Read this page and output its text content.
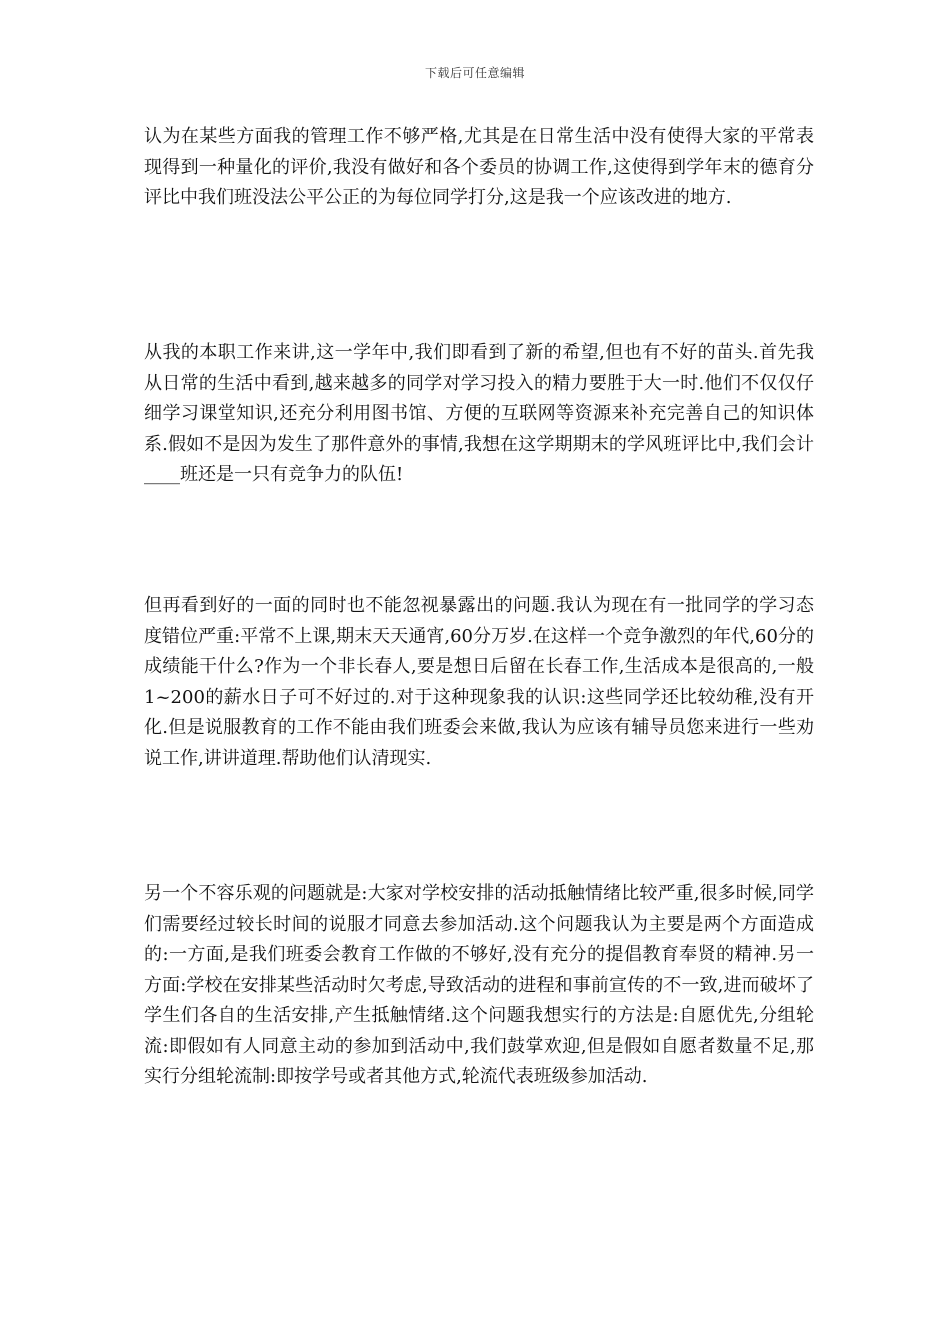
下载后可任意编辑

认为在某些方面我的管理工作不够严格,尤其是在日常生活中没有使得大家的平常表现得到一种量化的评价,我没有做好和各个委员的协调工作,这使得到学年末的德育分评比中我们班没法公平公正的为每位同学打分,这是我一个应该改进的地方.

从我的本职工作来讲,这一学年中,我们即看到了新的希望,但也有不好的苗头.首先我从日常的生活中看到,越来越多的同学对学习投入的精力要胜于大一时.他们不仅仅仔细学习课堂知识,还充分利用图书馆、方便的互联网等资源来补充完善自己的知识体系.假如不是因为发生了那件意外的事情,我想在这学期期末的学风班评比中,我们会计____班还是一只有竞争力的队伍!

但再看到好的一面的同时也不能忽视暴露出的问题.我认为现在有一批同学的学习态度错位严重:平常不上课,期末天天通宵,60分万岁.在这样一个竞争激烈的年代,60分的成绩能干什么?作为一个非长春人,要是想日后留在长春工作,生活成本是很高的,一般1~200的薪水日子可不好过的.对于这种现象我的认识:这些同学还比较幼稚,没有开化.但是说服教育的工作不能由我们班委会来做,我认为应该有辅导员您来进行一些劝说工作,讲讲道理.帮助他们认清现实.

另一个不容乐观的问题就是:大家对学校安排的活动抵触情绪比较严重,很多时候,同学们需要经过较长时间的说服才同意去参加活动.这个问题我认为主要是两个方面造成的:一方面,是我们班委会教育工作做的不够好,没有充分的提倡教育奉贤的精神.另一方面:学校在安排某些活动时欠考虑,导致活动的进程和事前宣传的不一致,进而破坏了学生们各自的生活安排,产生抵触情绪.这个问题我想实行的方法是:自愿优先,分组轮流:即假如有人同意主动的参加到活动中,我们鼓掌欢迎,但是假如自愿者数量不足,那实行分组轮流制:即按学号或者其他方式,轮流代表班级参加活动.
